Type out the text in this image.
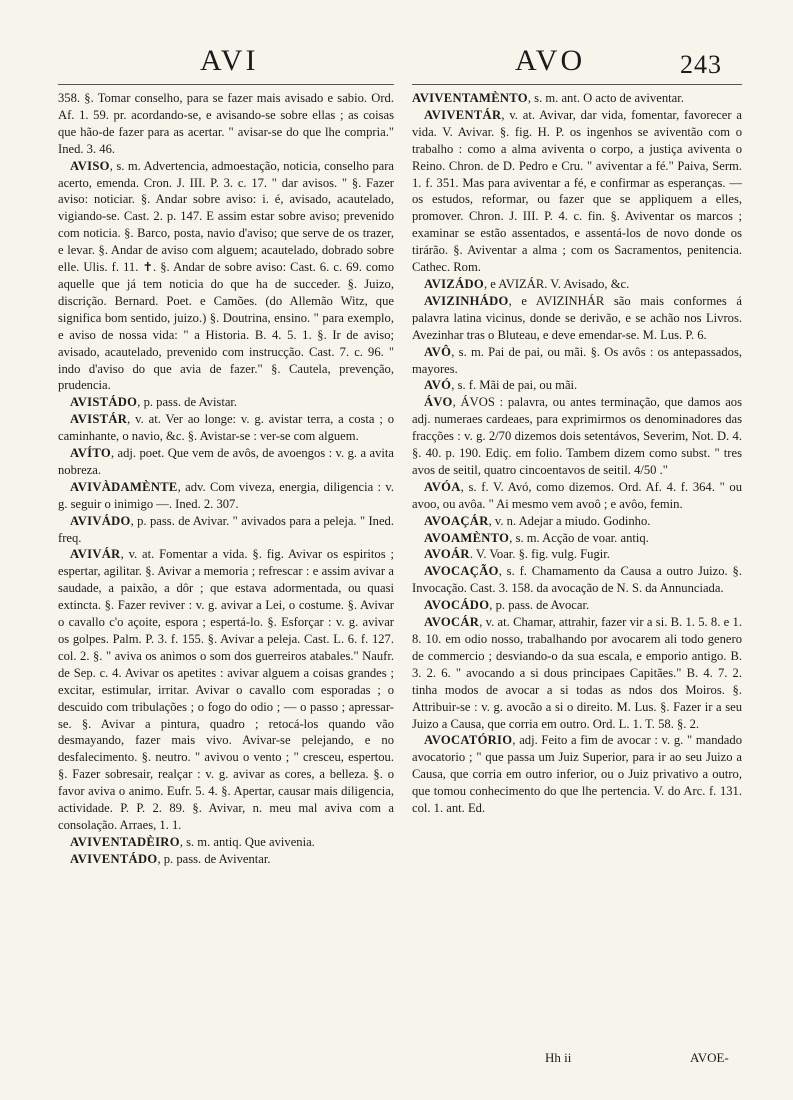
AVI	AVO	243

358. §. Tomar conselho, para se fazer mais avisado e sabio. Ord. Af. 1. 59. pr. acordando-se, e avisando-se sobre ellas ; as coisas que hão-de fazer para as acertar. " avisar-se do que lhe compria." Ined. 3. 46.

AVISO, s. m. Advertencia, admoestação, noticia, conselho para acerto, emenda. Cron. J. III. P. 3. c. 17. " dar avisos. " §. Fazer aviso: noticiar. §. Andar sobre aviso: i. é, avisado, acautelado, vigiando-se. Cast. 2. p. 147. E assim estar sobre aviso; prevenido com noticia. §. Barco, posta, navio d'aviso; que serve de os trazer, e levar. §. Andar de aviso com alguem; acautelado, dobrado sobre elle. Ulis. f. 11. ✝. §. Andar de sobre aviso: Cast. 6. c. 69. como aquelle que já tem noticia do que ha de succeder. §. Juizo, discrição. Bernard. Poet. e Camões. (do Allemão Witz, que significa bom sentido, juizo.) §. Doutrina, ensino. " para exemplo, e aviso de nossa vida: " a Historia. B. 4. 5. 1. §. Ir de aviso; avisado, acautelado, prevenido com instrucção. Cast. 7. c. 96. " indo d'aviso do que avia de fazer." §. Cautela, prevenção, prudencia.

AVISTÁDO, p. pass. de Avistar.

AVISTÁR, v. at. Ver ao longe: v. g. avistar terra, a costa ; o caminhante, o navio, &c. §. Avistar-se : ver-se com alguem.

AVÍTO, adj. poet. Que vem de avôs, de avoengos : v. g. a avita nobreza.

AVIVÀDAMÈNTE, adv. Com viveza, energia, diligencia : v. g. seguir o inimigo —. Ined. 2. 307.

AVIVÁDO, p. pass. de Avivar. " avivados para a peleja. " Ined. freq.

AVIVÁR, v. at. Fomentar a vida. §. fig. Avivar os espiritos ; espertar, agilitar. §. Avivar a memoria ; refrescar : e assim avivar a saudade, a paixão, a dôr ; que estava adormentada, ou quasi extincta. §. Fazer reviver : v. g. avivar a Lei, o costume. §. Avivar o cavallo c'o açoite, espora ; espertá-lo. §. Esforçar : v. g. avivar os golpes. Palm. P. 3. f. 155. §. Avivar a peleja. Cast. L. 6. f. 127. col. 2. §. " aviva os animos o som dos guerreiros atabales." Naufr. de Sep. c. 4. Avivar os apetites : avivar alguem a coisas grandes ; excitar, estimular, irritar. Avivar o cavallo com esporadas ; o descuido com tribulações ; o fogo do odio ; — o passo ; apressar-se. §. Avivar a pintura, quadro ; retocá-los quando vão desmayando, fazer mais vivo. Avivar-se pelejando, e no desfalecimento. §. neutro. " avivou o vento ; " cresceu, espertou. §. Fazer sobresair, realçar : v. g. avivar as cores, a belleza. §. o favor aviva o animo. Eufr. 5. 4. §. Apertar, causar mais diligencia, actividade. P. P. 2. 89. §. Avivar, n. meu mal aviva com a consolação. Arraes, 1. 1.

AVIVENTADÈIRO, s. m. antiq. Que avivenia.

AVIVENTÁDO, p. pass. de Aviventar.

AVIVENTAMÈNTO, s. m. ant. O acto de aviventar.

AVIVENTÁR, v. at. Avivar, dar vida, fomentar, favorecer a vida. V. Avivar. §. fig. H. P. os ingenhos se aviventão com o trabalho : como a alma aviventa o corpo, a justiça aviventa o Reino. Chron. de D. Pedro e Cru. " aviventar a fé." Paiva, Serm. 1. f. 351. Mas para aviventar a fé, e confirmar as esperanças. — os estudos, reformar, ou fazer que se appliquem a elles, promover. Chron. J. III. P. 4. c. fin. §. Aviventar os marcos ; examinar se estão assentados, e assentá-los de novo donde os tirárão. §. Aviventar a alma ; com os Sacramentos, penitencia. Cathec. Rom.

AVIZÁDO, e AVIZÁR. V. Avisado, &c.

AVIZINHÁDO, e AVIZINHÁR são mais conformes á palavra latina vicinus, donde se derivão, e se achão nos Livros. Avezinhar tras o Bluteau, e deve emendar-se. M. Lus. P. 6.

AVÔ, s. m. Pai de pai, ou mãi. §. Os avôs : os antepassados, mayores.

AVÓ, s. f. Mãi de pai, ou mãi.

ÁVO, ÁVOS : palavra, ou antes terminação, que damos aos adj. numeraes cardeaes, para exprimirmos os denominadores das fracções : v. g. 2/70 dizemos dois setentávos, Severim, Not. D. 4. §. 40. p. 190. Ediç. em folio. Tambem dizem como subst. " tres avos de seitil, quatro cincoentavos de seitil. 4/50 ."

AVÓA, s. f. V. Avó, como dizemos. Ord. Af. 4. f. 364. " ou avoo, ou avôa. " Ai mesmo vem avoô ; e avôo, femin.

AVOAÇÁR, v. n. Adejar a miudo. Godinho.

AVOAMÈNTO, s. m. Acção de voar. antiq.

AVOÁR. V. Voar. §. fig. vulg. Fugir.

AVOCAÇÃO, s. f. Chamamento da Causa a outro Juizo. §. Invocação. Cast. 3. 158. da avocação de N. S. da Annunciada.

AVOCÁDO, p. pass. de Avocar.

AVOCÁR, v. at. Chamar, attrahir, fazer vir a si. B. 1. 5. 8. e 1. 8. 10. em odio nosso, trabalhando por avocarem ali todo genero de commercio ; desviando-o da sua escala, e emporio antigo. B. 3. 2. 6. " avocando a si dous principaes Capitães." B. 4. 7. 2. tinha modos de avocar a si todas as ndos dos Moiros. §. Attribuir-se : v. g. avocão a si o direito. M. Lus. §. Fazer ir a seu Juizo a Causa, que corria em outro. Ord. L. 1. T. 58. §. 2.

AVOCATÓRIO, adj. Feito a fim de avocar : v. g. " mandado avocatorio ; " que passa um Juiz Superior, para ir ao seu Juizo a Causa, que corria em outro inferior, ou o Juiz privativo a outro, que tomou conhecimento do que lhe pertencia. V. do Arc. f. 131. col. 1. ant. Ed.

Hh ii	AVOE-
